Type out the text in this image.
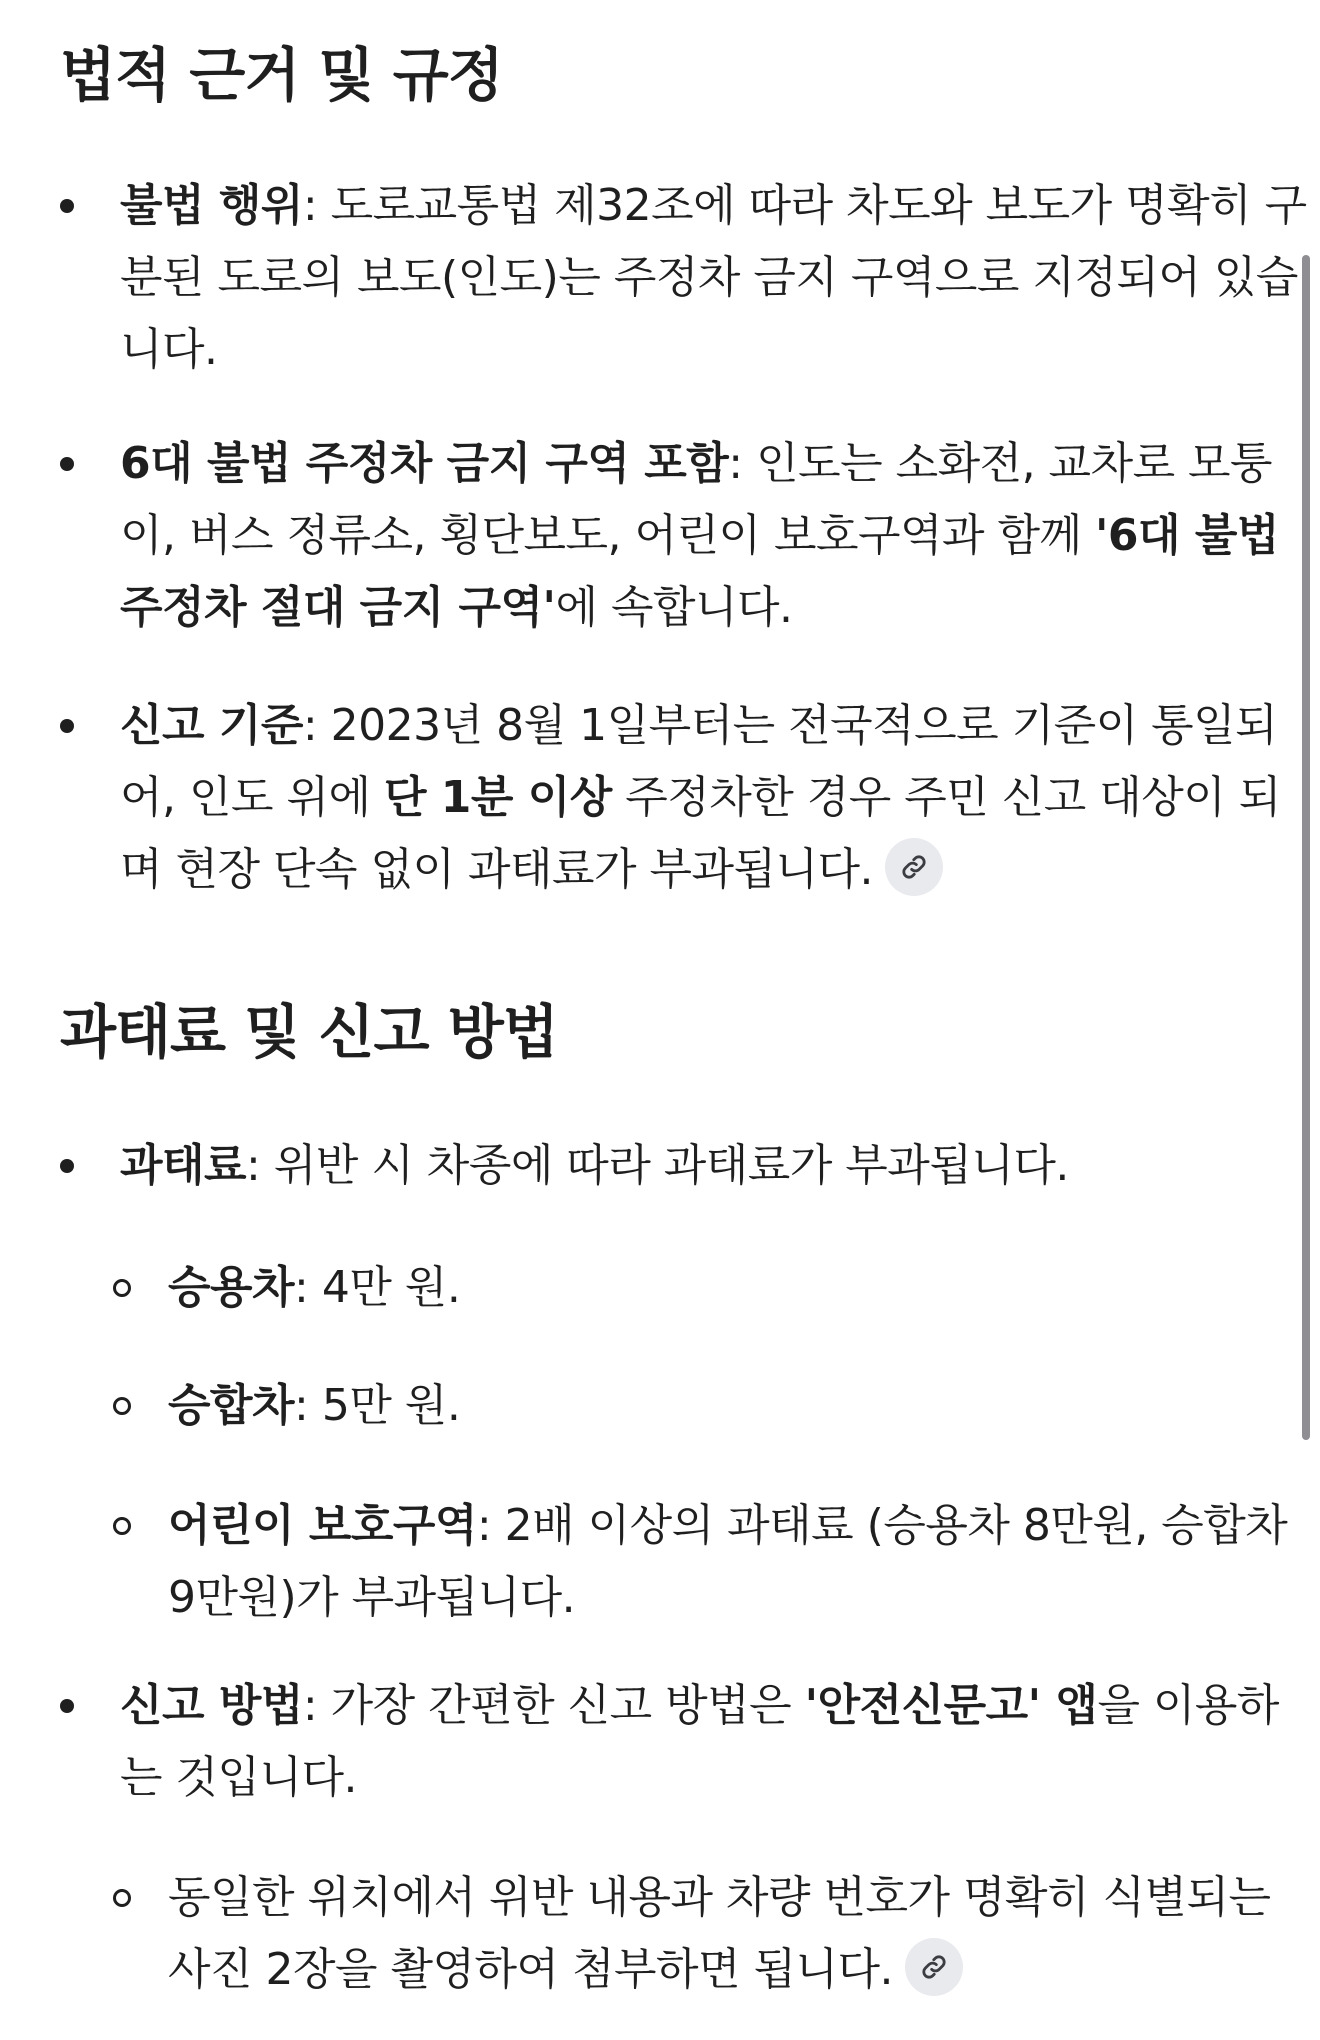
법적 근거 및 규정
불법 행위: 도로교통법 제32조에 따라 차도와 보도가 명확히 구분된 도로의 보도(인도)는 주정차 금지 구역으로 지정되어 있습니다.
6대 불법 주정차 금지 구역 포함: 인도는 소화전, 교차로 모퉁이, 버스 정류소, 횡단보도, 어린이 보호구역과 함께 '6대 불법 주정차 절대 금지 구역'에 속합니다.
신고 기준: 2023년 8월 1일부터는 전국적으로 기준이 통일되어, 인도 위에 단 1분 이상 주정차한 경우 주민 신고 대상이 되며 현장 단속 없이 과태료가 부과됩니다.
과태료 및 신고 방법
과태료: 위반 시 차종에 따라 과태료가 부과됩니다.
승용차: 4만 원.
승합차: 5만 원.
어린이 보호구역: 2배 이상의 과태료 (승용차 8만원, 승합차 9만원)가 부과됩니다.
신고 방법: 가장 간편한 신고 방법은 '안전신문고' 앱을 이용하는 것입니다.
동일한 위치에서 위반 내용과 차량 번호가 명확히 식별되는 사진 2장을 촬영하여 첨부하면 됩니다.
